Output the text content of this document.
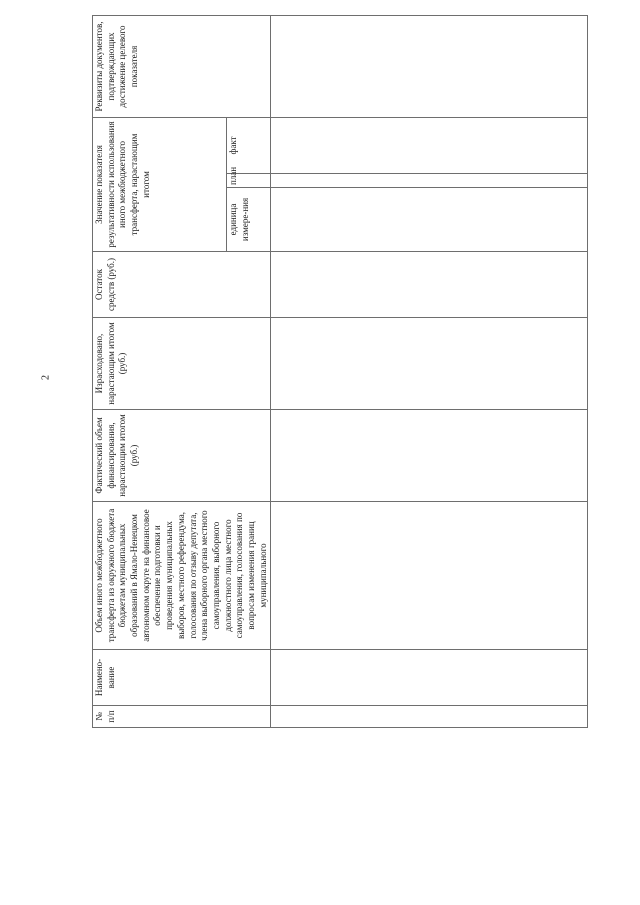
2
№ п/п	Наимено-вание	Объем иного межбюджетного трансферта из окружного бюджета бюджетам муниципальных образований в Ямало-Ненецком автономном округе на финансовое обеспечение подготовки и проведения муниципальных выборов, местного референдума, голосования по отзыву депутата, члена выборного органа местного самоуправления, выборного должностного лица местного самоуправления, голосования по вопросам изменения границ муниципального	Фактический объем финансирования, нарастающим итогом (руб.)	Израсходовано, нарастающим итогом (руб.)	Остаток средств (руб.)	Значение показателя результативности использования иного межбюджетного трансферта, нарастающим итогом			Реквизиты документов, подтверждающих достижение целевого показателя

						единица измере-ния	план	факт	
